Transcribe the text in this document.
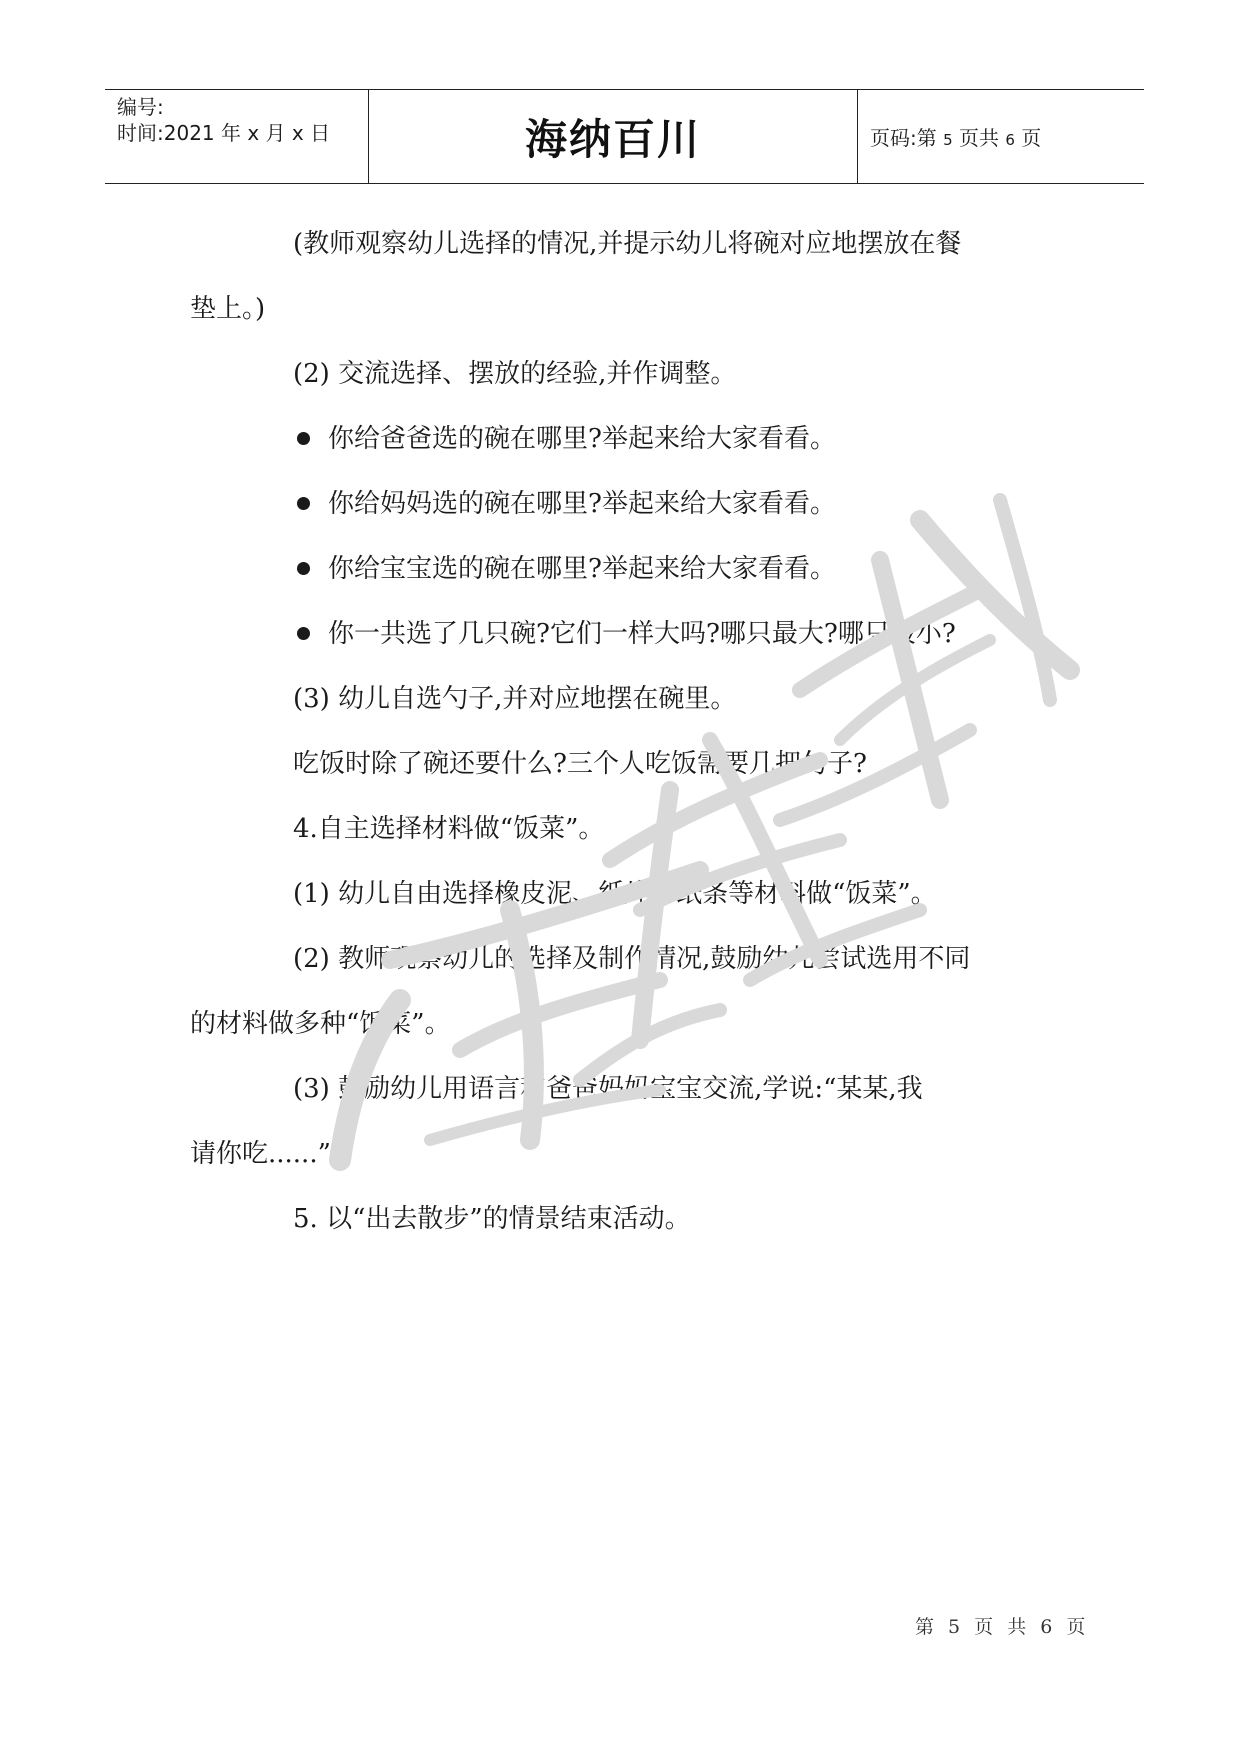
编号:
时间:2021 年 x 月 x 日	海纳百川	页码:第 5 页共 6 页
(教师观察幼儿选择的情况,并提示幼儿将碗对应地摆放在餐
垫上。)
(2) 交流选择、摆放的经验,并作调整。
你给爸爸选的碗在哪里?举起来给大家看看。
你给妈妈选的碗在哪里?举起来给大家看看。
你给宝宝选的碗在哪里?举起来给大家看看。
你一共选了几只碗?它们一样大吗?哪只最大?哪只最小?
(3) 幼儿自选勺子,并对应地摆在碗里。
吃饭时除了碗还要什么?三个人吃饭需要几把勺子?
4.自主选择材料做“饭菜”。
(1) 幼儿自由选择橡皮泥、纸片、纸条等材料做“饭菜”。
(2) 教师观察幼儿的选择及制作情况,鼓励幼儿尝试选用不同
的材料做多种“饭菜”。
(3) 鼓励幼儿用语言和爸爸妈妈宝宝交流,学说:“某某,我
请你吃......”
5. 以“出去散步”的情景结束活动。
第 5 页 共 6 页
